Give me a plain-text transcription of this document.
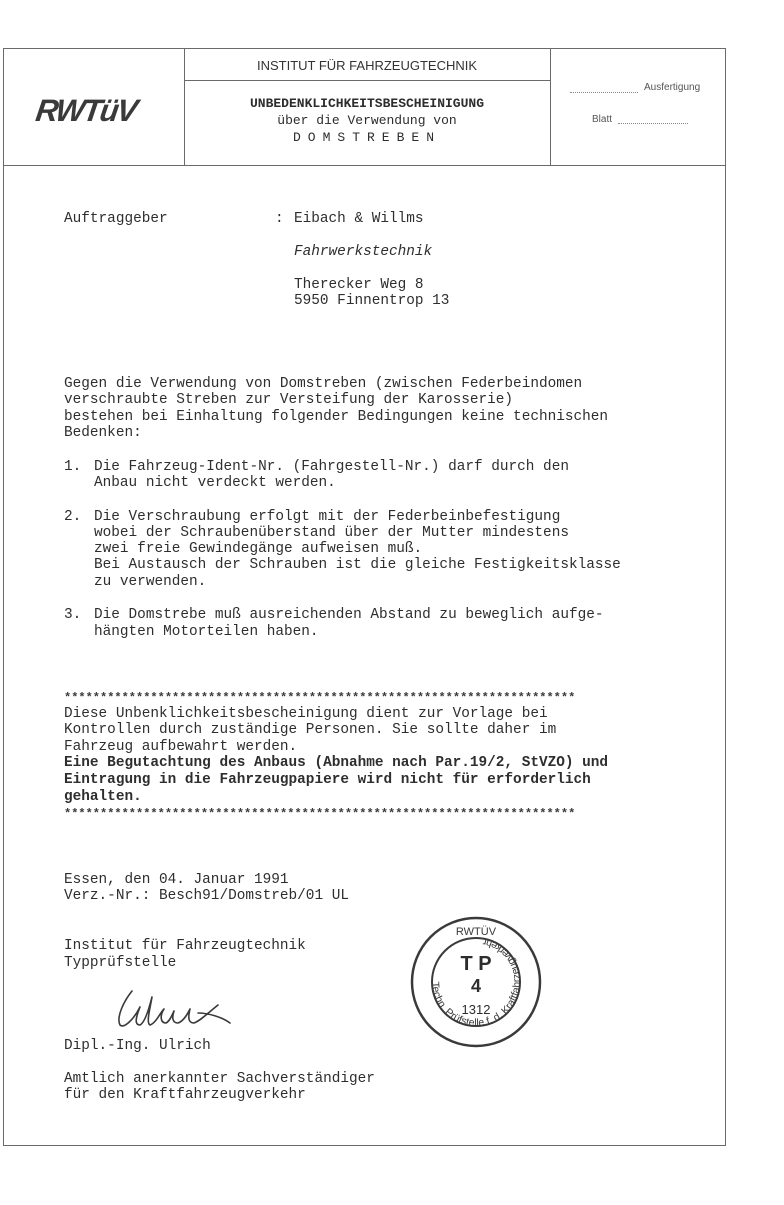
RWTüV
INSTITUT FÜR FAHRZEUGTECHNIK
UNBEDENKLICHKEITSBESCHEINIGUNG
über die Verwendung von
DOMSTREBEN
Ausfertigung
Blatt
Auftraggeber	: Eibach & Willms
Fahrwerkstechnik
Therecker Weg 8
5950 Finnentrop 13
Gegen die Verwendung von Domstreben (zwischen Federbeindomen
verschraubte Streben zur Versteifung der Karosserie)
bestehen bei Einhaltung folgender Bedingungen keine technischen
Bedenken:
1. Die Fahrzeug-Ident-Nr. (Fahrgestell-Nr.) darf durch den
Anbau nicht verdeckt werden.
2. Die Verschraubung erfolgt mit der Federbeinbefestigung
wobei der Schraubenüberstand über der Mutter mindestens
zwei freie Gewindegänge aufweisen muß.
Bei Austausch der Schrauben ist die gleiche Festigkeitsklasse
zu verwenden.
3. Die Domstrebe muß ausreichenden Abstand zu beweglich aufge-
hängten Motorteilen haben.
***********************************************************************
Diese Unbenklichkeitsbescheinigung dient zur Vorlage bei
Kontrollen durch zuständige Personen. Sie sollte daher im
Fahrzeug aufbewahrt werden.
Eine Begutachtung des Anbaus (Abnahme nach Par.19/2, StVZO) und
Eintragung in die Fahrzeugpapiere wird nicht für erforderlich
gehalten.
***********************************************************************
Essen, den 04. Januar 1991
Verz.-Nr.: Besch91/Domstreb/01 UL
Institut für Fahrzeugtechnik
Typprüfstelle
Dipl.-Ing. Ulrich
Amtlich anerkannter Sachverständiger
für den Kraftfahrzeugverkehr
Techn. Prüfstelle f. d. Kraftfahrzeugverkehr
RWTÜV
T P
4
1312
